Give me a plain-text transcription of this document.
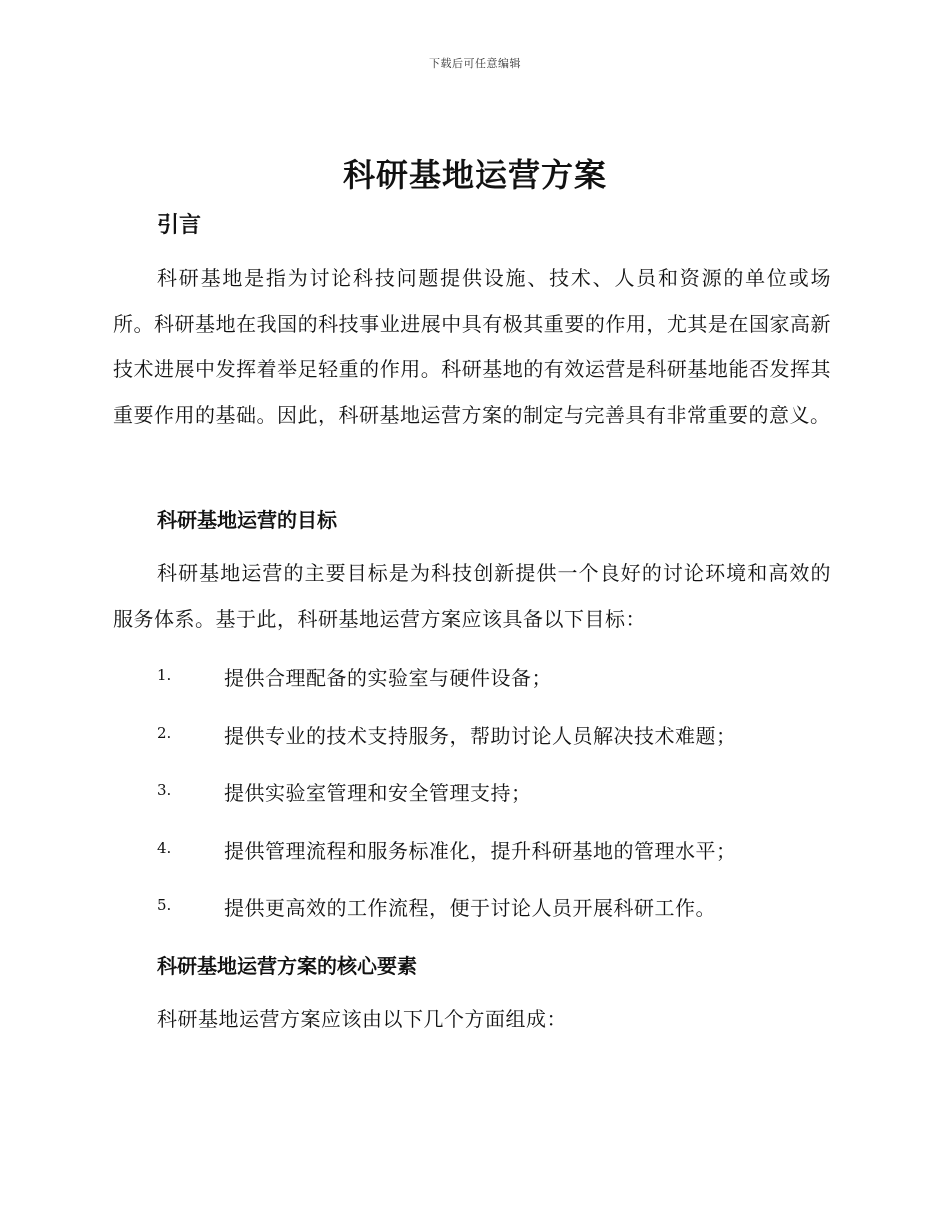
下载后可任意编辑
科研基地运营方案
引言

科研基地是指为讨论科技问题提供设施、技术、人员和资源的单位或场所。科研基地在我国的科技事业进展中具有极其重要的作用，尤其是在国家高新技术进展中发挥着举足轻重的作用。科研基地的有效运营是科研基地能否发挥其重要作用的基础。因此，科研基地运营方案的制定与完善具有非常重要的意义。

科研基地运营的目标

科研基地运营的主要目标是为科技创新提供一个良好的讨论环境和高效的服务体系。基于此，科研基地运营方案应该具备以下目标：

1.	提供合理配备的实验室与硬件设备；
2.	提供专业的技术支持服务，帮助讨论人员解决技术难题；
3.	提供实验室管理和安全管理支持；
4.	提供管理流程和服务标准化，提升科研基地的管理水平；
5.	提供更高效的工作流程，便于讨论人员开展科研工作。
科研基地运营方案的核心要素

科研基地运营方案应该由以下几个方面组成：
